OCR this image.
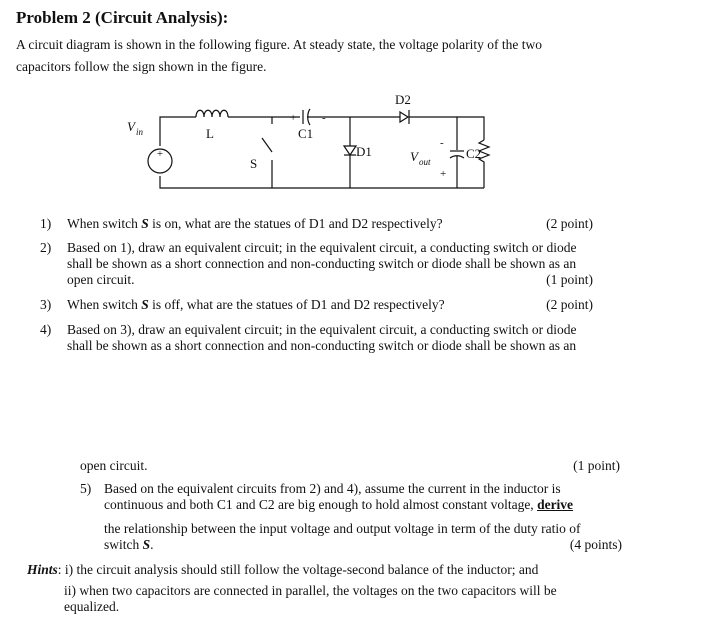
Problem 2 (Circuit Analysis):
A circuit diagram is shown in the following figure. At steady state, the voltage polarity of the two
capacitors follow the sign shown in the figure.
+
V in	L
S
+ -
C1
D1
D2
V out
-
+
C2
1) When switch S is on, what are the statues of D1 and D2 respectively?	(2 point)
2) Based on 1), draw an equivalent circuit; in the equivalent circuit, a conducting switch or diode
shall be shown as a short connection and non-conducting switch or diode shall be shown as an
open circuit.	(1 point)
3) When switch S is off, what are the statues of D1 and D2 respectively?	(2 point)
4) Based on 3), draw an equivalent circuit; in the equivalent circuit, a conducting switch or diode
shall be shown as a short connection and non-conducting switch or diode shall be shown as an
open circuit.	(1 point)
5) Based on the equivalent circuits from 2) and 4), assume the current in the inductor is
continuous and both C1 and C2 are big enough to hold almost constant voltage, derive
the relationship between the input voltage and output voltage in term of the duty ratio of
switch S.	(4 points)
Hints: i) the circuit analysis should still follow the voltage-second balance of the inductor; and
ii) when two capacitors are connected in parallel, the voltages on the two capacitors will be
equalized.
